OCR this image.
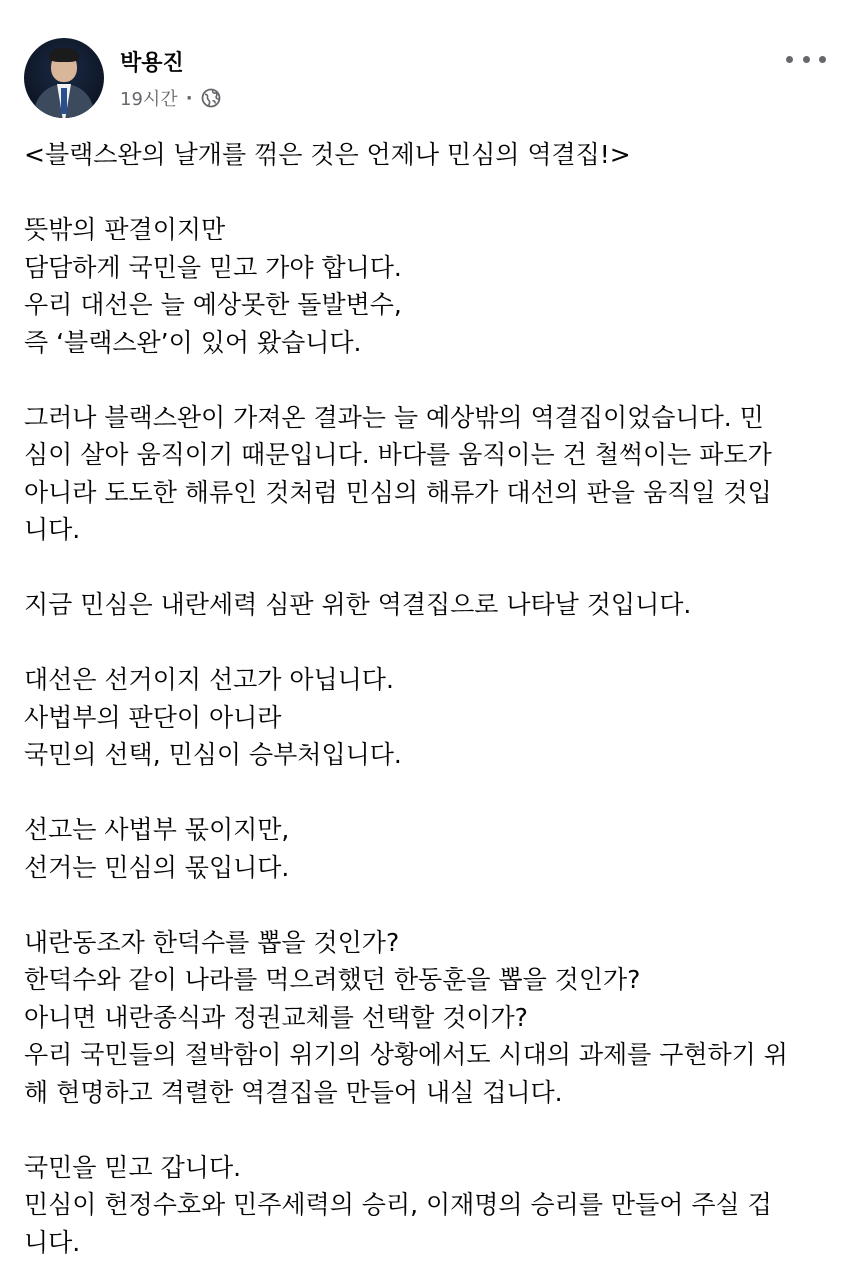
박용진
19시간 ·
<블랙스완의 날개를 꺾은 것은 언제나 민심의 역결집!>
뜻밖의 판결이지만
담담하게 국민을 믿고 가야 합니다.
우리 대선은 늘 예상못한 돌발변수,
즉 ‘블랙스완’이 있어 왔습니다.
그러나 블랙스완이 가져온 결과는 늘 예상밖의 역결집이었습니다. 민
심이 살아 움직이기 때문입니다. 바다를 움직이는 건 철썩이는 파도가
아니라 도도한 해류인 것처럼 민심의 해류가 대선의 판을 움직일 것입
니다.
지금 민심은 내란세력 심판 위한 역결집으로 나타날 것입니다.
대선은 선거이지 선고가 아닙니다.
사법부의 판단이 아니라
국민의 선택, 민심이 승부처입니다.
선고는 사법부 몫이지만,
선거는 민심의 몫입니다.
내란동조자 한덕수를 뽑을 것인가?
한덕수와 같이 나라를 먹으려했던 한동훈을 뽑을 것인가?
아니면 내란종식과 정권교체를 선택할 것이가?
우리 국민들의 절박함이 위기의 상황에서도 시대의 과제를 구현하기 위
해 현명하고 격렬한 역결집을 만들어 내실 겁니다.
국민을 믿고 갑니다.
민심이 헌정수호와 민주세력의 승리, 이재명의 승리를 만들어 주실 겁
니다.
